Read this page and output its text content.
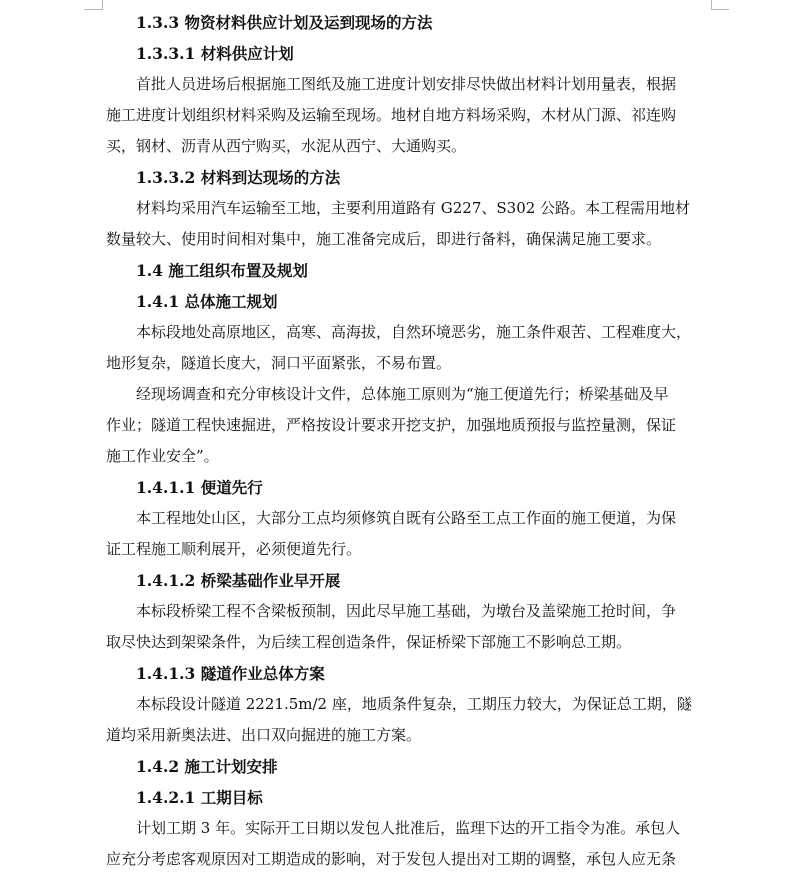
1.3.3 物资材料供应计划及运到现场的方法
1.3.3.1 材料供应计划

首批人员进场后根据施工图纸及施工进度计划安排尽快做出材料计划用量表，根据
施工进度计划组织材料采购及运输至现场。地材自地方料场采购，木材从门源、祁连购
买，钢材、沥青从西宁购买，水泥从西宁、大通购买。

1.3.3.2 材料到达现场的方法

材料均采用汽车运输至工地，主要利用道路有 G227、S302 公路。本工程需用地材
数量较大、使用时间相对集中，施工准备完成后，即进行备料，确保满足施工要求。

1.4 施工组织布置及规划
1.4.1 总体施工规划

本标段地处高原地区，高寒、高海拔，自然环境恶劣，施工条件艰苦、工程难度大，
地形复杂，隧道长度大，洞口平面紧张，不易布置。

经现场调查和充分审核设计文件，总体施工原则为“施工便道先行；桥梁基础及早
作业；隧道工程快速掘进，严格按设计要求开挖支护，加强地质预报与监控量测，保证
施工作业安全”。

1.4.1.1 便道先行

本工程地处山区，大部分工点均须修筑自既有公路至工点工作面的施工便道，为保
证工程施工顺利展开，必须便道先行。

1.4.1.2 桥梁基础作业早开展

本标段桥梁工程不含梁板预制，因此尽早施工基础，为墩台及盖梁施工抢时间，争
取尽快达到架梁条件，为后续工程创造条件，保证桥梁下部施工不影响总工期。

1.4.1.3 隧道作业总体方案

本标段设计隧道 2221.5m/2 座，地质条件复杂，工期压力较大，为保证总工期，隧
道均采用新奥法进、出口双向掘进的施工方案。

1.4.2 施工计划安排
1.4.2.1 工期目标

计划工期 3 年。实际开工日期以发包人批准后，监理下达的开工指令为准。承包人
应充分考虑客观原因对工期造成的影响，对于发包人提出对工期的调整，承包人应无条
